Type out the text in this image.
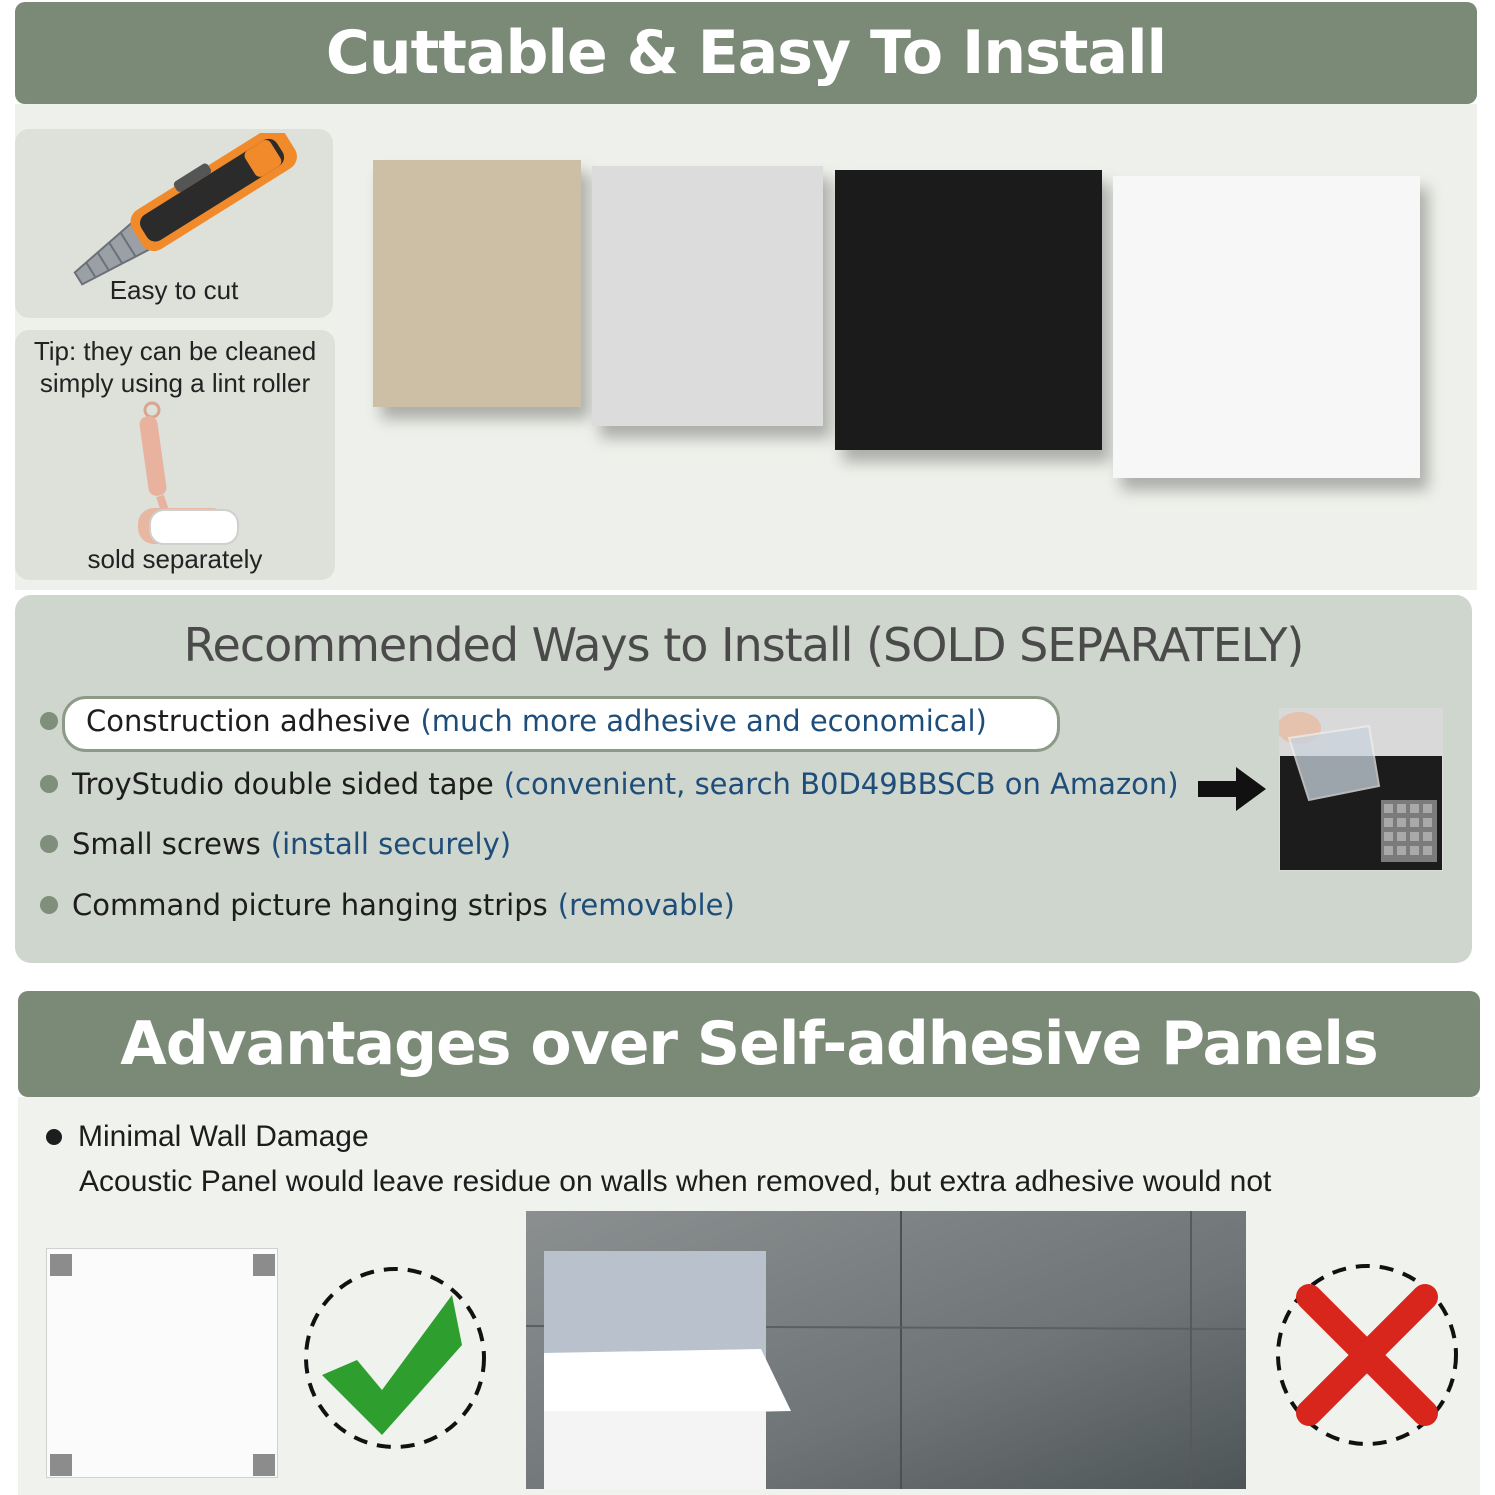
Cuttable & Easy To Install
Easy to cut
Tip: they can be cleaned
simply using a lint roller
sold separately
Recommended Ways to Install (SOLD SEPARATELY)
Construction adhesive (much more adhesive and economical)
TroyStudio double sided tape (convenient, search B0D49BBSCB on Amazon)
Small screws (install securely)
Command picture hanging strips (removable)
Advantages over Self-adhesive Panels
Minimal Wall Damage
Acoustic Panel would leave residue on walls when removed, but extra adhesive would not
